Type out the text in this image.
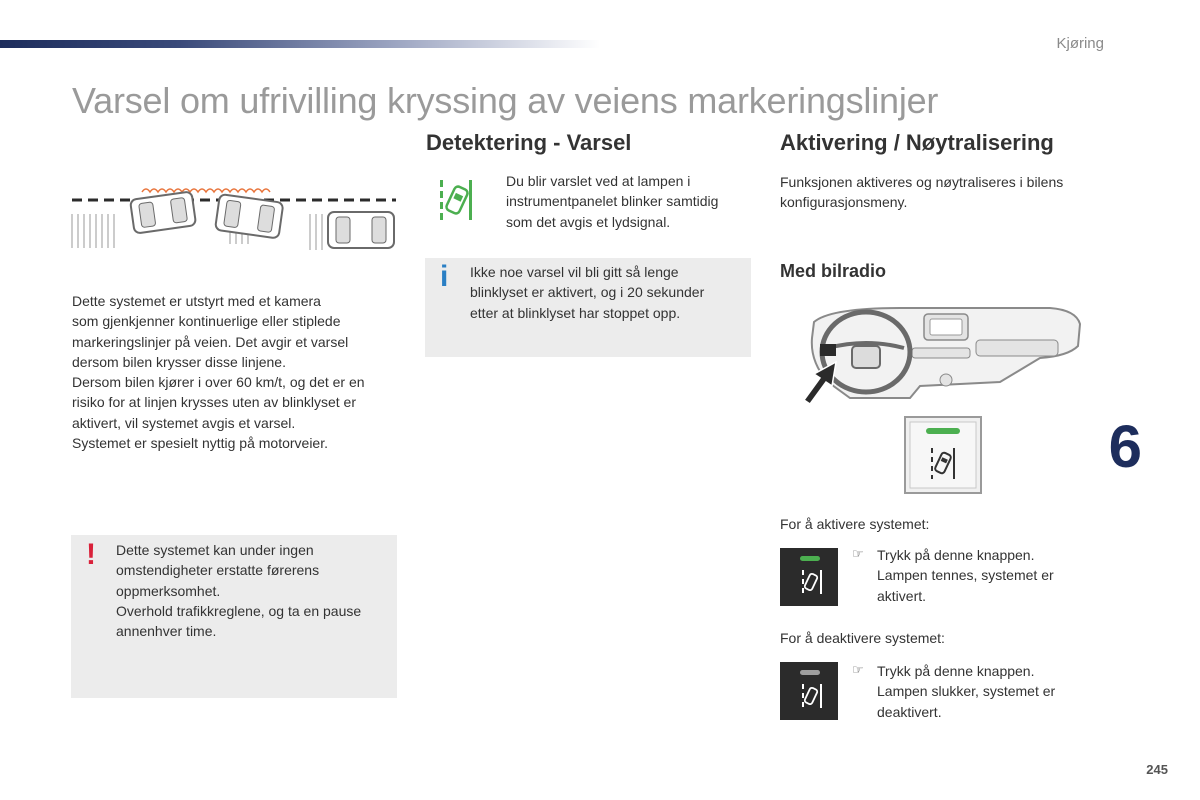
Kjøring
Varsel om ufrivilling kryssing av veiens markeringslinjer
Dette systemet er utstyrt med et kamera
som gjenkjenner kontinuerlige eller stiplede
markeringslinjer på veien. Det avgir et varsel
dersom bilen krysser disse linjene.
Dersom bilen kjører i over 60 km/t, og det er en
risiko for at linjen krysses uten av blinklyset er
aktivert, vil systemet avgis et varsel.
Systemet er spesielt nyttig på motorveier.
! Dette systemet kan under ingen
omstendigheter erstatte førerens
oppmerksomhet.
Overhold trafikkreglene, og ta en pause
annenhver time.
Detektering - Varsel
Du blir varslet ved at lampen i
instrumentpanelet blinker samtidig
som det avgis et lydsignal.
i Ikke noe varsel vil bli gitt så lenge
blinklyset er aktivert, og i 20 sekunder
etter at blinklyset har stoppet opp.
Aktivering / Nøytralisering
Funksjonen aktiveres og nøytraliseres i bilens
konfigurasjonsmeny.
Med bilradio
For å aktivere systemet:
☞ Trykk på denne knappen.
Lampen tennes, systemet er
aktivert.
For å deaktivere systemet:
☞ Trykk på denne knappen.
Lampen slukker, systemet er
deaktivert.
6
245
